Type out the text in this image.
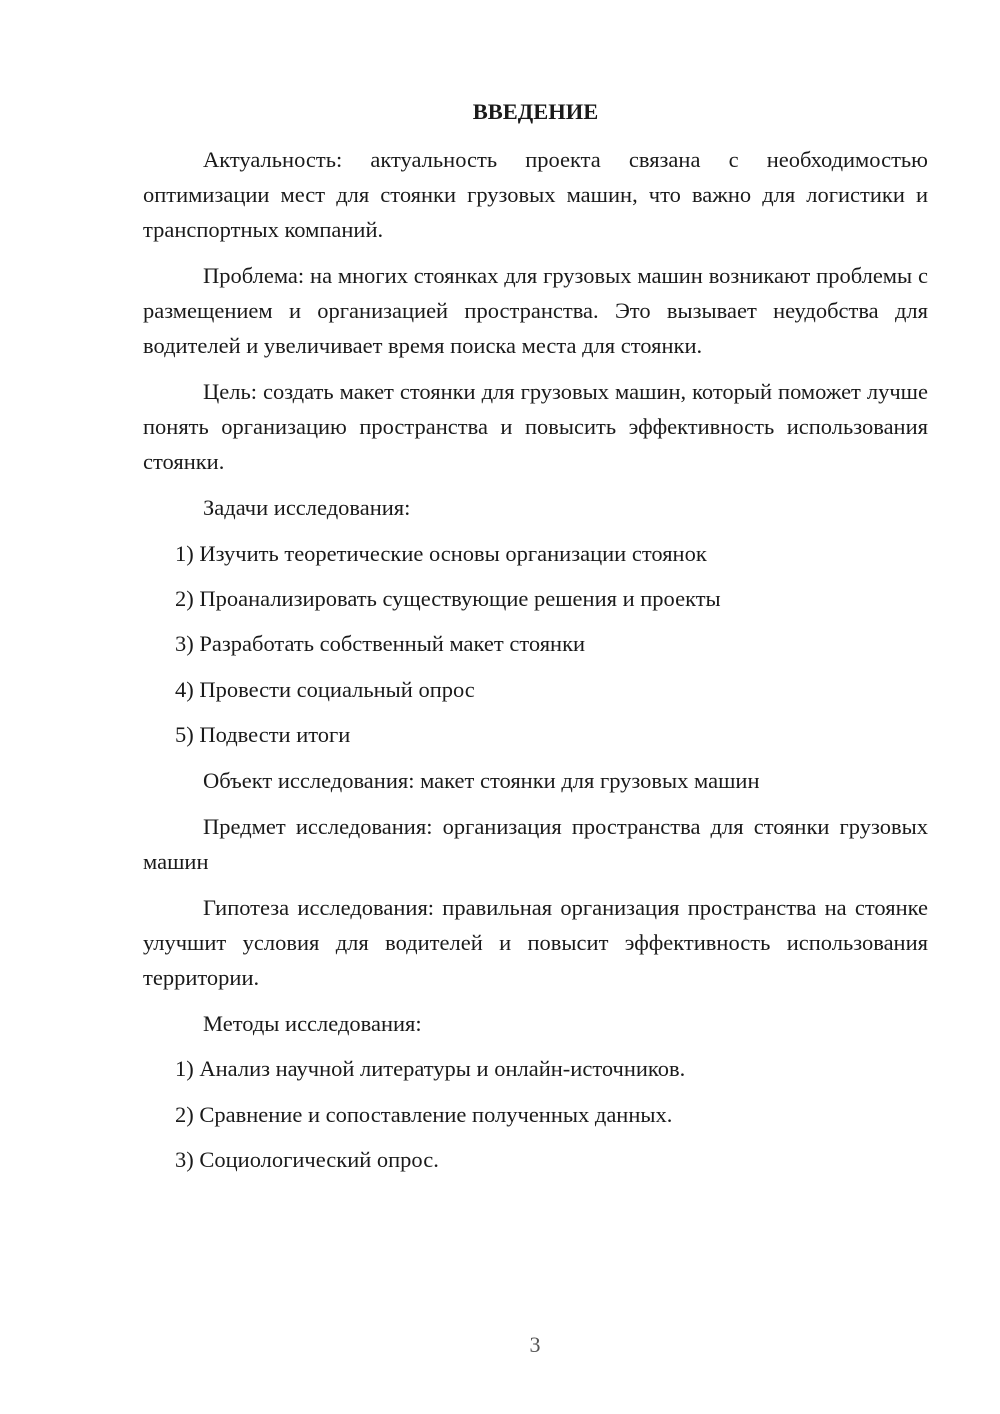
ВВЕДЕНИЕ

Актуальность: актуальность проекта связана с необходимостью оптимизации мест для стоянки грузовых машин, что важно для логистики и транспортных компаний.

Проблема: на многих стоянках для грузовых машин возникают проблемы с размещением и организацией пространства. Это вызывает неудобства для водителей и увеличивает время поиска места для стоянки.

Цель: создать макет стоянки для грузовых машин, который поможет лучше понять организацию пространства и повысить эффективность использования стоянки.

Задачи исследования:

1) Изучить теоретические основы организации стоянок

2) Проанализировать существующие решения и проекты

3) Разработать собственный макет стоянки

4) Провести социальный опрос

5) Подвести итоги

Объект исследования: макет стоянки для грузовых машин

Предмет исследования: организация пространства для стоянки грузовых машин

Гипотеза исследования: правильная организация пространства на стоянке улучшит условия для водителей и повысит эффективность использования территории.

Методы исследования:

1) Анализ научной литературы и онлайн-источников.

2) Сравнение и сопоставление полученных данных.

3) Социологический опрос.

3
